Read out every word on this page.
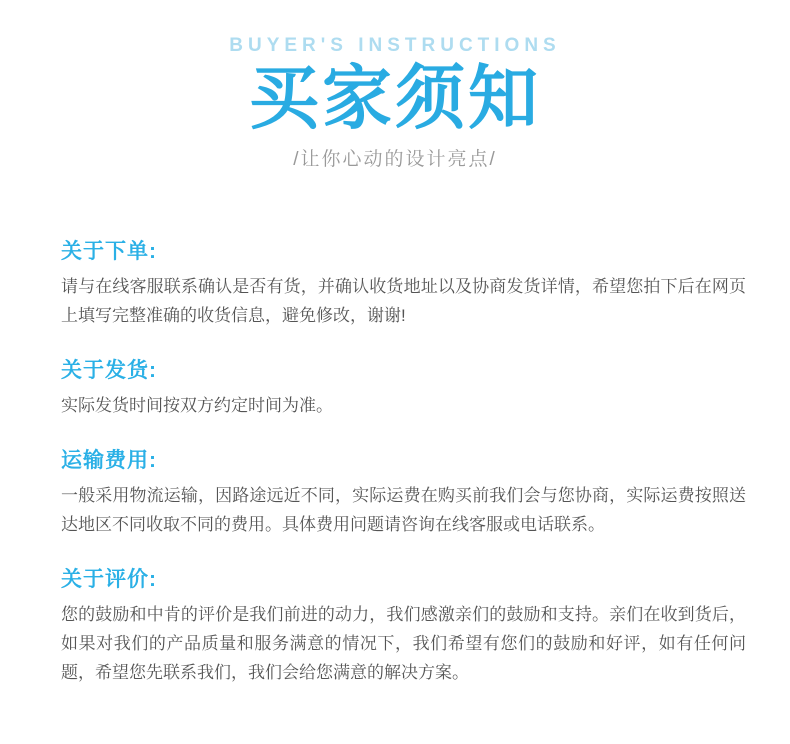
BUYER'S INSTRUCTIONS
买家须知
/让你心动的设计亮点/
关于下单:

请与在线客服联系确认是否有货，并确认收货地址以及协商发货详情，希望您拍下后在网页上填写完整准确的收货信息，避免修改，谢谢!

关于发货:

实际发货时间按双方约定时间为准。

运输费用:

一般采用物流运输，因路途远近不同，实际运费在购买前我们会与您协商，实际运费按照送达地区不同收取不同的费用。具体费用问题请咨询在线客服或电话联系。

关于评价:

您的鼓励和中肯的评价是我们前进的动力，我们感激亲们的鼓励和支持。亲们在收到货后，如果对我们的产品质量和服务满意的情况下，我们希望有您们的鼓励和好评，如有任何问题，希望您先联系我们，我们会给您满意的解决方案。
